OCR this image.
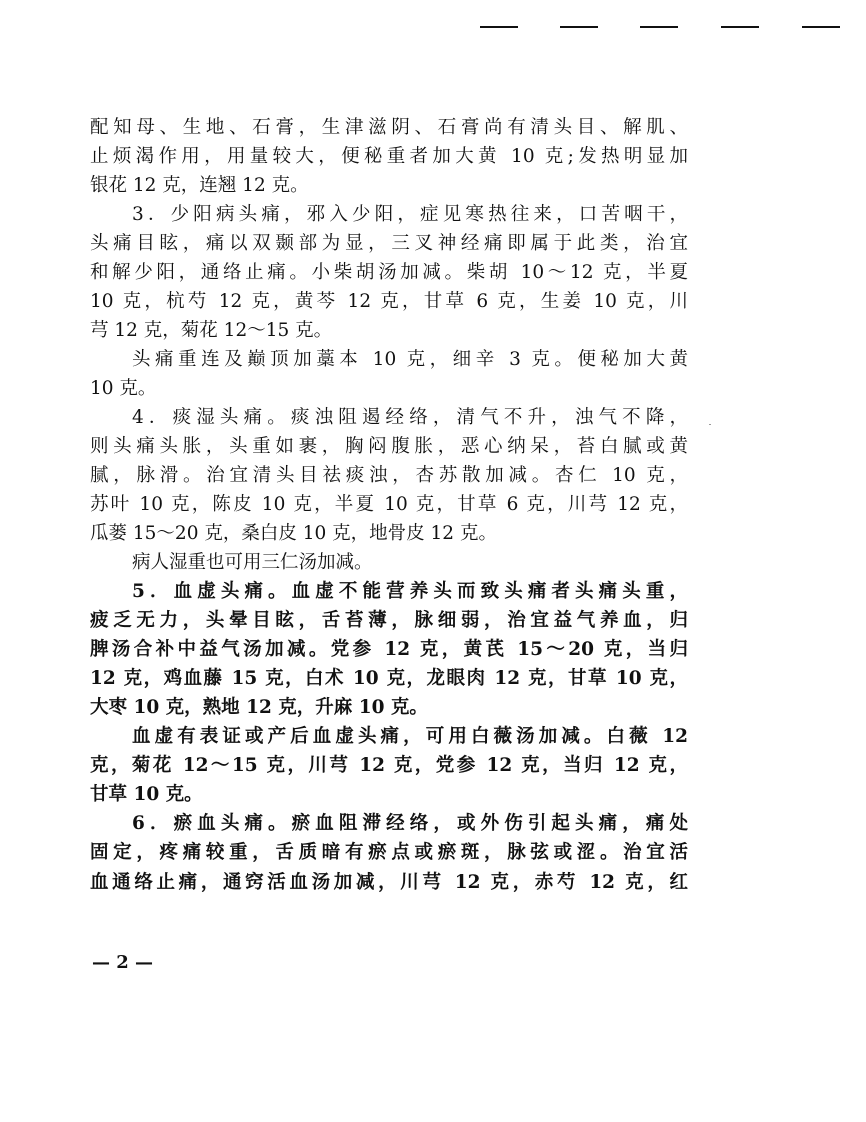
配知母、生地、石膏，生津滋阴、石膏尚有清头目、解肌、
止烦渴作用，用量较大，便秘重者加大黄 10 克;发热明显加
银花 12 克，连翘 12 克。
3．少阳病头痛，邪入少阳，症见寒热往来，口苦咽干，
头痛目眩，痛以双颞部为显，三叉神经痛即属于此类，治宜
和解少阳，通络止痛。小柴胡汤加减。柴胡 10～12 克，半夏
10 克，杭芍 12 克，黄芩 12 克，甘草 6 克，生姜 10 克，川
芎 12 克，菊花 12～15 克。
头痛重连及巅顶加藁本 10 克，细辛 3 克。便秘加大黄
10 克。
4．痰湿头痛。痰浊阻遏经络，清气不升，浊气不降，
则头痛头胀，头重如裹，胸闷腹胀，恶心纳呆，苔白腻或黄
腻，脉滑。治宜清头目祛痰浊，杏苏散加减。杏仁 10 克，
苏叶 10 克，陈皮 10 克，半夏 10 克，甘草 6 克，川芎 12 克，
瓜蒌 15～20 克，桑白皮 10 克，地骨皮 12 克。
病人湿重也可用三仁汤加减。
5．血虚头痛。血虚不能营养头而致头痛者头痛头重，
疲乏无力，头晕目眩，舌苔薄，脉细弱，治宜益气养血，归
脾汤合补中益气汤加减。党参 12 克，黄芪 15～20 克，当归
12 克，鸡血藤 15 克，白术 10 克，龙眼肉 12 克，甘草 10 克，
大枣 10 克，熟地 12 克，升麻 10 克。
血虚有表证或产后血虚头痛，可用白薇汤加减。白薇 12
克，菊花 12～15 克，川芎 12 克，党参 12 克，当归 12 克，
甘草 10 克。
6．瘀血头痛。瘀血阻滞经络，或外伤引起头痛，痛处
固定，疼痛较重，舌质暗有瘀点或瘀斑，脉弦或涩。治宜活
血通络止痛，通窍活血汤加减，川芎 12 克，赤芍 12 克，红
— 2 —
